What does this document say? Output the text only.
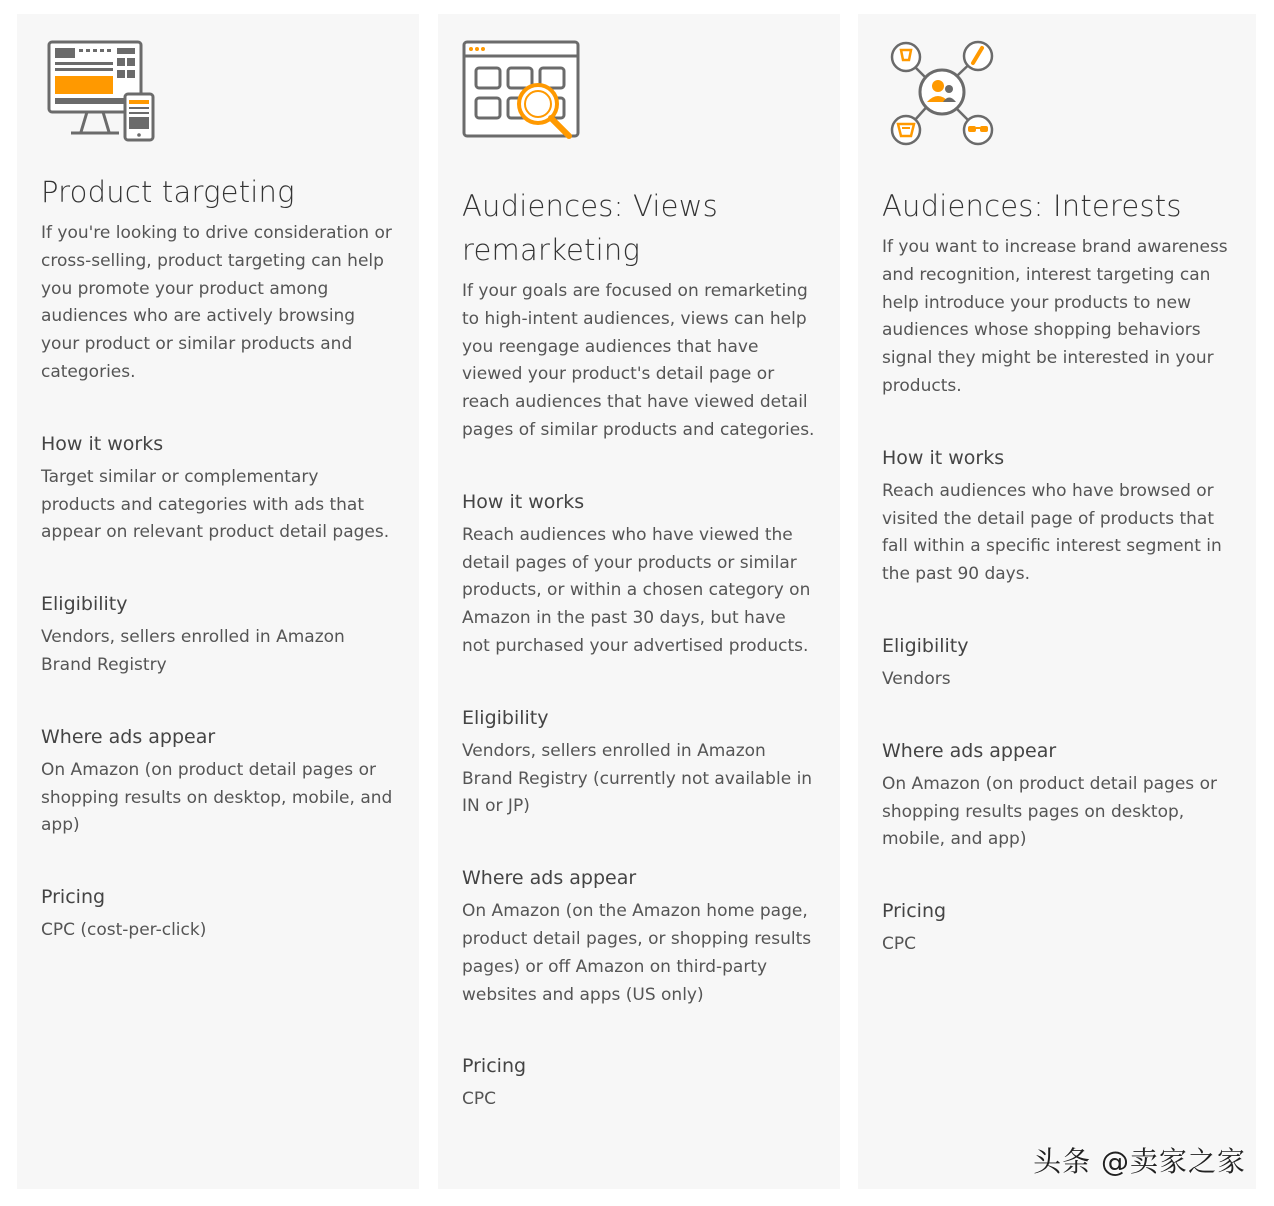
Product targeting

If you're looking to drive consideration or cross-selling, product targeting can help you promote your product among audiences who are actively browsing your product or similar products and categories.

How it works

Target similar or complementary products and categories with ads that appear on relevant product detail pages.

Eligibility

Vendors, sellers enrolled in Amazon Brand Registry

Where ads appear

On Amazon (on product detail pages or shopping results on desktop, mobile, and app)

Pricing

CPC (cost-per-click)

Audiences: Views remarketing

If your goals are focused on remarketing to high-intent audiences, views can help you reengage audiences that have viewed your product's detail page or reach audiences that have viewed detail pages of similar products and categories.

How it works

Reach audiences who have viewed the detail pages of your products or similar products, or within a chosen category on Amazon in the past 30 days, but have not purchased your advertised products.

Eligibility

Vendors, sellers enrolled in Amazon Brand Registry (currently not available in IN or JP)

Where ads appear

On Amazon (on the Amazon home page, product detail pages, or shopping results pages) or off Amazon on third-party websites and apps (US only)

Pricing

CPC

Audiences: Interests

If you want to increase brand awareness and recognition, interest targeting can help introduce your products to new audiences whose shopping behaviors signal they might be interested in your products.

How it works

Reach audiences who have browsed or visited the detail page of products that fall within a specific interest segment in the past 90 days.

Eligibility

Vendors

Where ads appear

On Amazon (on product detail pages or shopping results pages on desktop, mobile, and app)

Pricing

CPC

头条 @卖家之家
